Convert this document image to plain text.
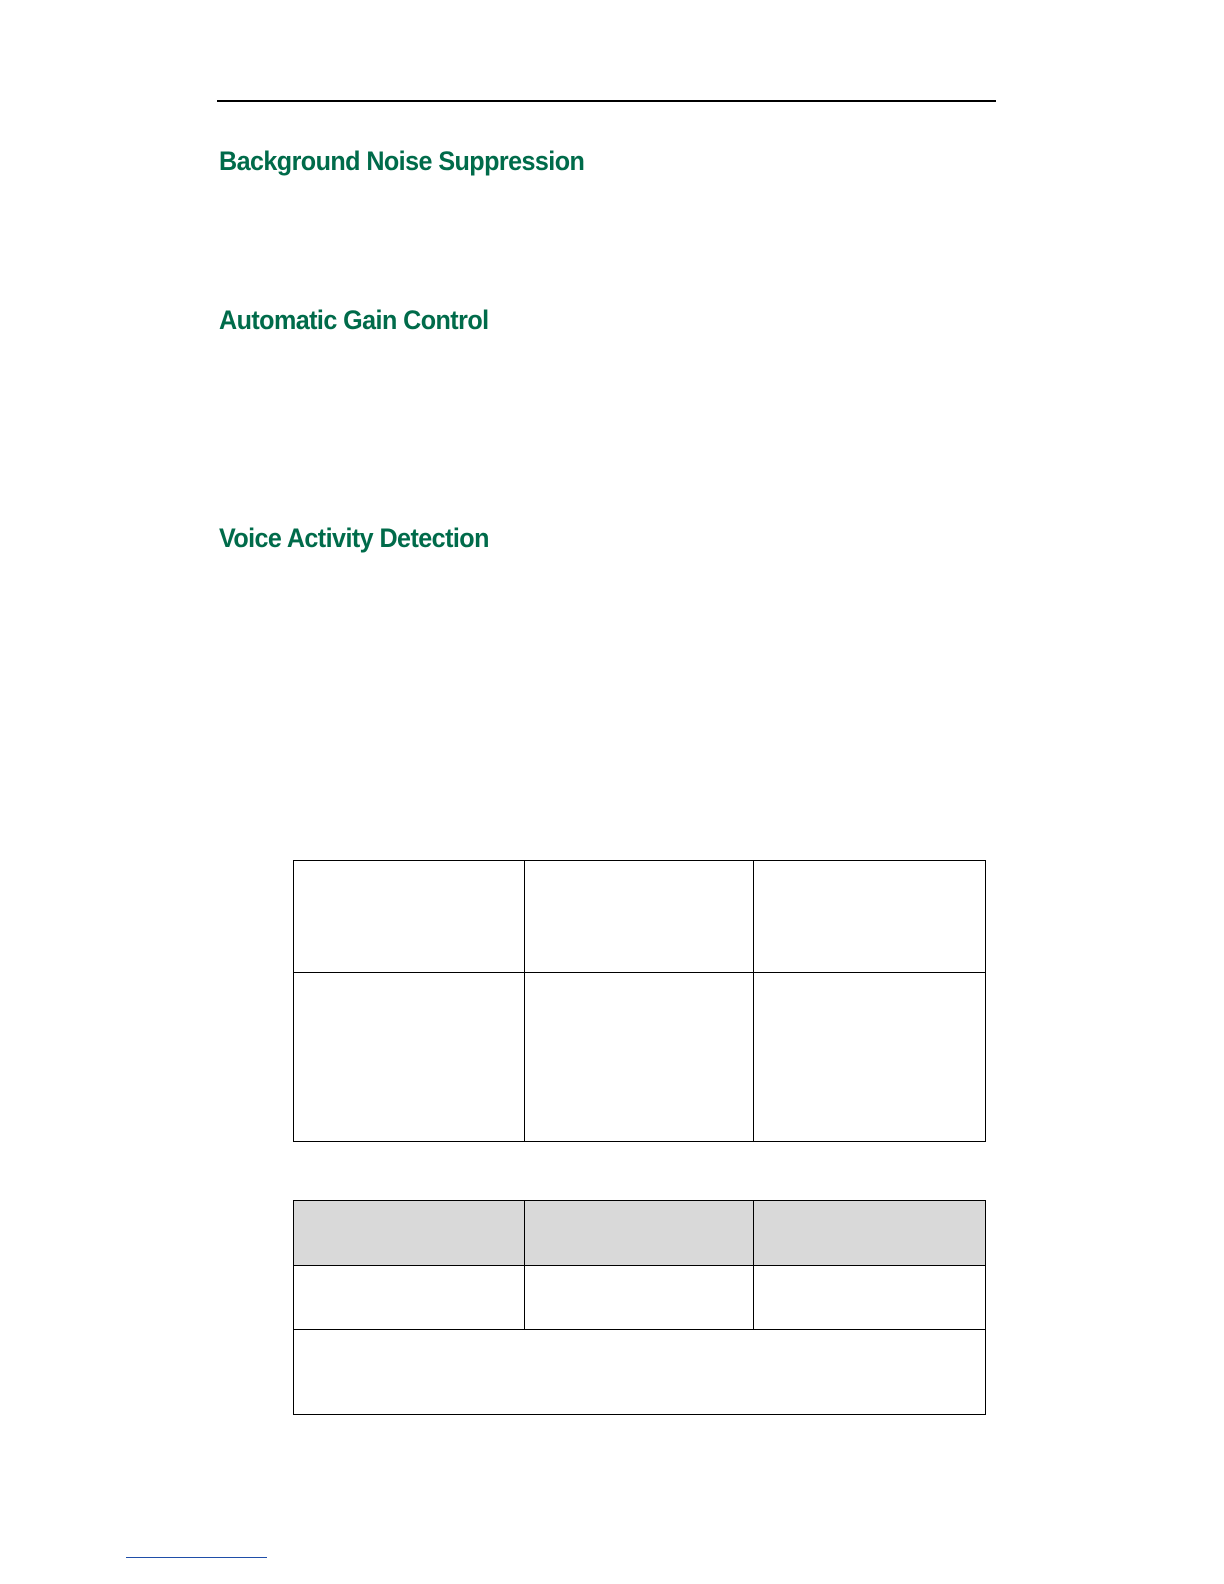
Background Noise Suppression
Automatic Gain Control
Voice Activity Detection
